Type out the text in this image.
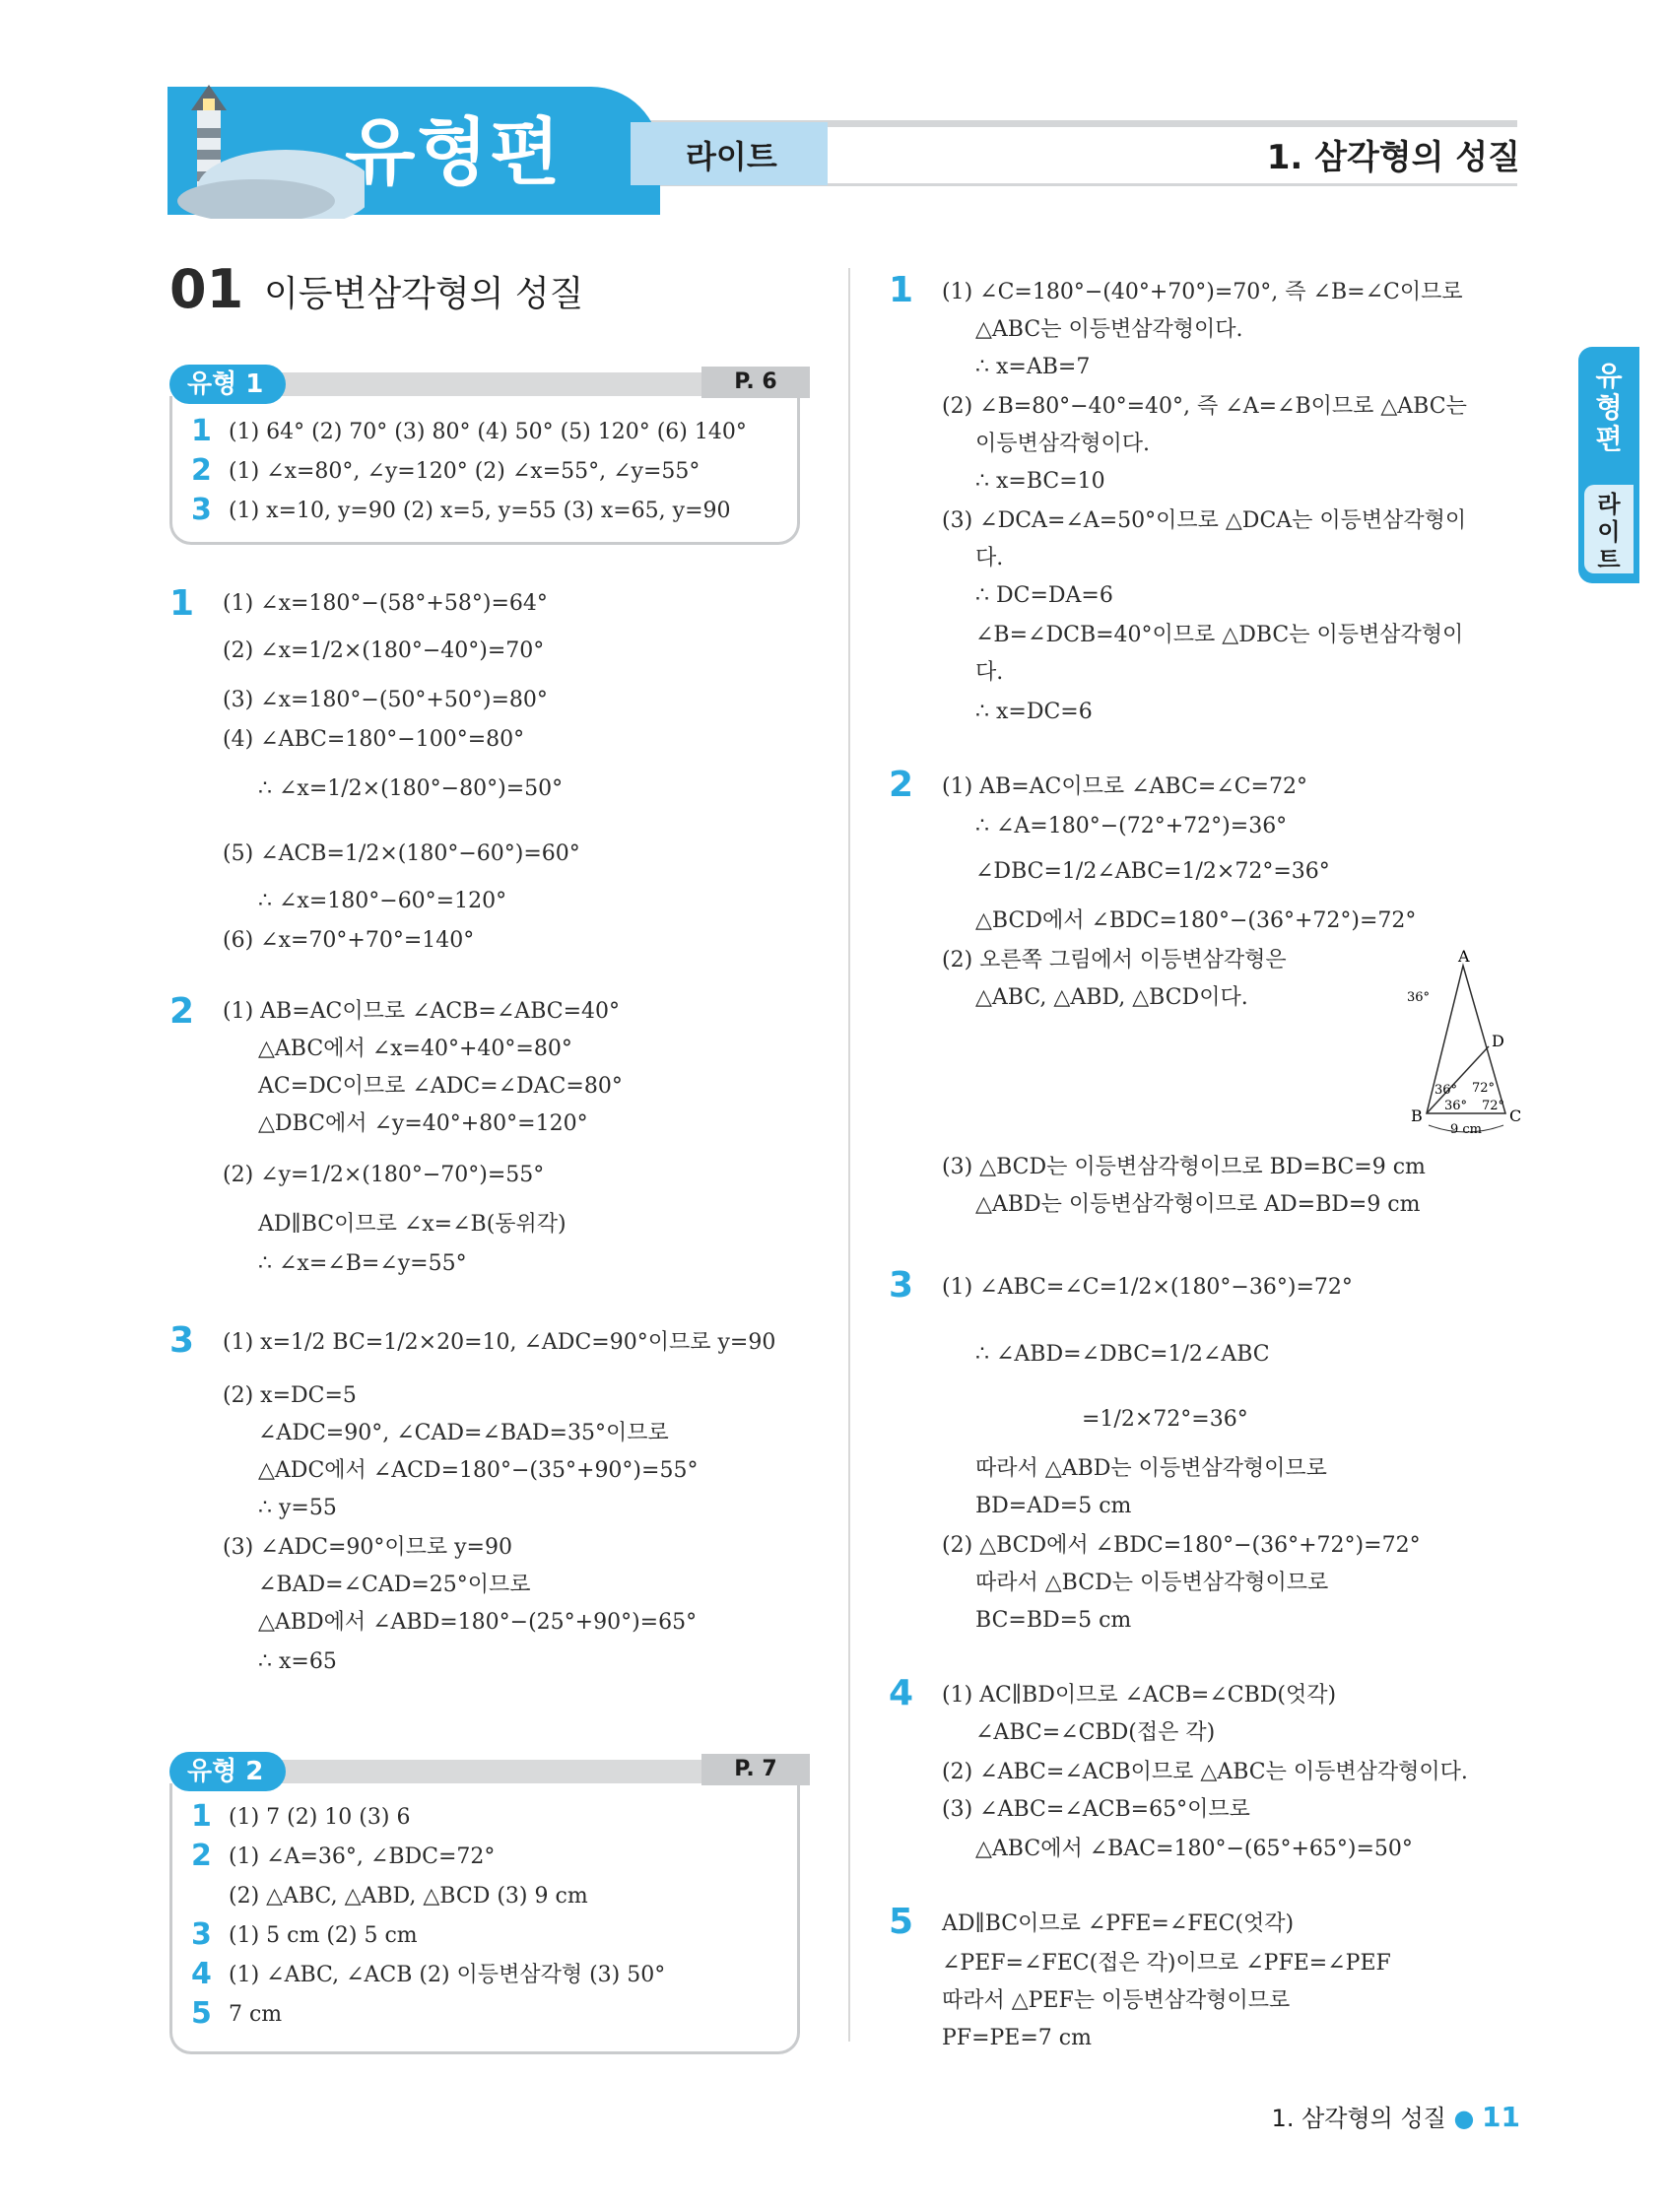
유형편	라이트	1. 삼각형의 성질
유
형
편
라
이
트
01 이등변삼각형의 성질
유형 1	P. 6
1 (1) 64° (2) 70° (3) 80° (4) 50° (5) 120° (6) 140°
2 (1) ∠x=80°, ∠y=120° (2) ∠x=55°, ∠y=55°
3 (1) x=10, y=90 (2) x=5, y=55 (3) x=65, y=90
1 (1) ∠x=180°−(58°+58°)=64°
(2) ∠x=1/2×(180°−40°)=70°
(3) ∠x=180°−(50°+50°)=80°
(4) ∠ABC=180°−100°=80°
∴ ∠x=1/2×(180°−80°)=50°
(5) ∠ACB=1/2×(180°−60°)=60°
∴ ∠x=180°−60°=120°
(6) ∠x=70°+70°=140°
2 (1) AB=AC이므로 ∠ACB=∠ABC=40°
△ABC에서 ∠x=40°+40°=80°
AC=DC이므로 ∠ADC=∠DAC=80°
△DBC에서 ∠y=40°+80°=120°
(2) ∠y=1/2×(180°−70°)=55°
AD∥BC이므로 ∠x=∠B(동위각)
∴ ∠x=∠B=∠y=55°
3 (1) x=1/2 BC=1/2×20=10, ∠ADC=90°이므로 y=90
(2) x=DC=5
∠ADC=90°, ∠CAD=∠BAD=35°이므로
△ADC에서 ∠ACD=180°−(35°+90°)=55°
∴ y=55
(3) ∠ADC=90°이므로 y=90
∠BAD=∠CAD=25°이므로
△ABD에서 ∠ABD=180°−(25°+90°)=65°
∴ x=65
유형 2	P. 7
1 (1) 7 (2) 10 (3) 6
2 (1) ∠A=36°, ∠BDC=72°
(2) △ABC, △ABD, △BCD (3) 9 cm
3 (1) 5 cm (2) 5 cm
4 (1) ∠ABC, ∠ACB (2) 이등변삼각형 (3) 50°
5 7 cm
1 (1) ∠C=180°−(40°+70°)=70°, 즉 ∠B=∠C이므로
△ABC는 이등변삼각형이다.
∴ x=AB=7
(2) ∠B=80°−40°=40°, 즉 ∠A=∠B이므로 △ABC는
이등변삼각형이다.
∴ x=BC=10
(3) ∠DCA=∠A=50°이므로 △DCA는 이등변삼각형이
다.
∴ DC=DA=6
∠B=∠DCB=40°이므로 △DBC는 이등변삼각형이
다.
∴ x=DC=6
2 (1) AB=AC이므로 ∠ABC=∠C=72°
∴ ∠A=180°−(72°+72°)=36°
∠DBC=1/2∠ABC=1/2×72°=36°
△BCD에서 ∠BDC=180°−(36°+72°)=72°
(2) 오른쪽 그림에서 이등변삼각형은
△ABC, △ABD, △BCD이다.
A
B	C
D
36°
36°
36°
72°
72°
9 cm
(3) △BCD는 이등변삼각형이므로 BD=BC=9 cm
△ABD는 이등변삼각형이므로 AD=BD=9 cm
3 (1) ∠ABC=∠C=1/2×(180°−36°)=72°
∴ ∠ABD=∠DBC=1/2∠ABC
=1/2×72°=36°
따라서 △ABD는 이등변삼각형이므로
BD=AD=5 cm
(2) △BCD에서 ∠BDC=180°−(36°+72°)=72°
따라서 △BCD는 이등변삼각형이므로
BC=BD=5 cm
4 (1) AC∥BD이므로 ∠ACB=∠CBD(엇각)
∠ABC=∠CBD(접은 각)
(2) ∠ABC=∠ACB이므로 △ABC는 이등변삼각형이다.
(3) ∠ABC=∠ACB=65°이므로
△ABC에서 ∠BAC=180°−(65°+65°)=50°
5 AD∥BC이므로 ∠PFE=∠FEC(엇각)
∠PEF=∠FEC(접은 각)이므로 ∠PFE=∠PEF
따라서 △PEF는 이등변삼각형이므로
PF=PE=7 cm
1. 삼각형의 성질 ● 11
